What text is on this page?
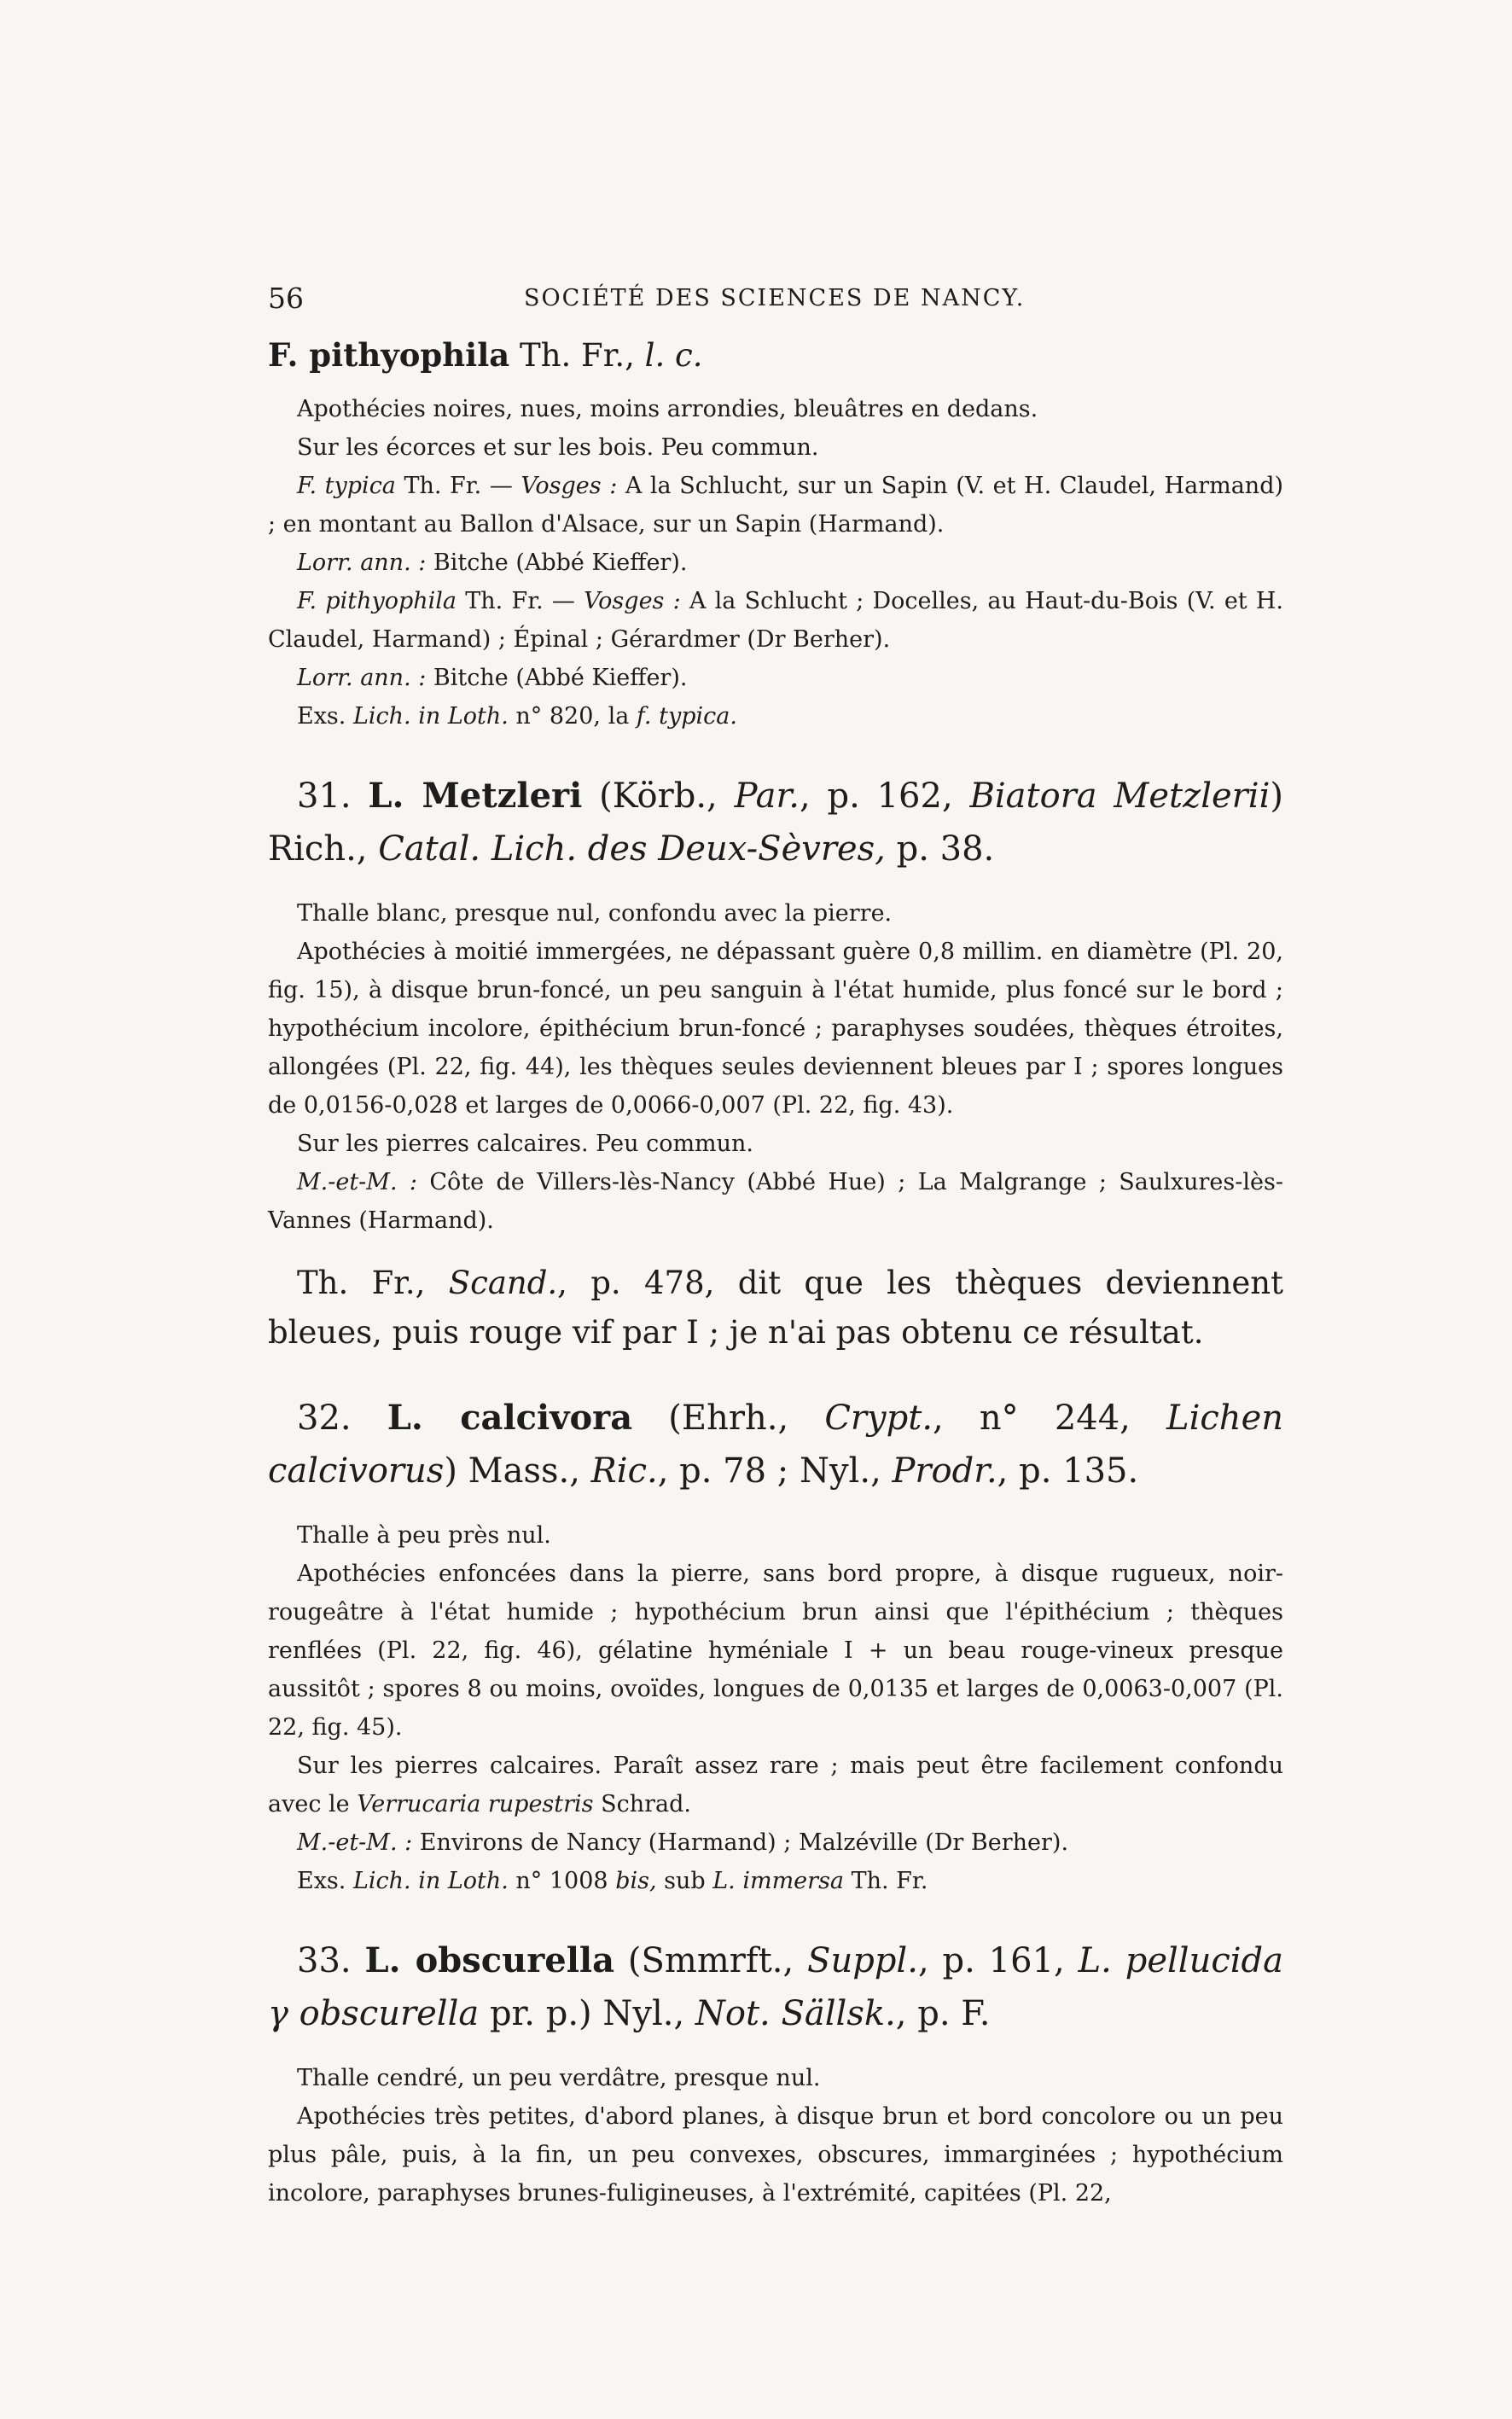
56	SOCIÉTÉ DES SCIENCES DE NANCY.

F. pithyophila Th. Fr., l. c.

Apothécies noires, nues, moins arrondies, bleuâtres en dedans.

Sur les écorces et sur les bois. Peu commun.

F. typica Th. Fr. — Vosges : A la Schlucht, sur un Sapin (V. et H. Claudel, Harmand) ; en montant au Ballon d'Alsace, sur un Sapin (Harmand).

Lorr. ann. : Bitche (Abbé Kieffer).

F. pithyophila Th. Fr. — Vosges : A la Schlucht ; Docelles, au Haut-du-Bois (V. et H. Claudel, Harmand) ; Épinal ; Gérardmer (Dr Berher).

Lorr. ann. : Bitche (Abbé Kieffer).

Exs. Lich. in Loth. n° 820, la f. typica.

31. L. Metzleri (Körb., Par., p. 162, Biatora Metzlerii) Rich., Catal. Lich. des Deux-Sèvres, p. 38.

Thalle blanc, presque nul, confondu avec la pierre.

Apothécies à moitié immergées, ne dépassant guère 0,8 millim. en diamètre (Pl. 20, fig. 15), à disque brun-foncé, un peu sanguin à l'état humide, plus foncé sur le bord ; hypothécium incolore, épithécium brun-foncé ; paraphyses soudées, thèques étroites, allongées (Pl. 22, fig. 44), les thèques seules deviennent bleues par I ; spores longues de 0,0156-0,028 et larges de 0,0066-0,007 (Pl. 22, fig. 43).

Sur les pierres calcaires. Peu commun.

M.-et-M. : Côte de Villers-lès-Nancy (Abbé Hue) ; La Malgrange ; Saulxures-lès-Vannes (Harmand).

Th. Fr., Scand., p. 478, dit que les thèques deviennent bleues, puis rouge vif par I ; je n'ai pas obtenu ce résultat.

32. L. calcivora (Ehrh., Crypt., n° 244, Lichen calcivorus) Mass., Ric., p. 78 ; Nyl., Prodr., p. 135.

Thalle à peu près nul.

Apothécies enfoncées dans la pierre, sans bord propre, à disque rugueux, noir-rougeâtre à l'état humide ; hypothécium brun ainsi que l'épithécium ; thèques renflées (Pl. 22, fig. 46), gélatine hyméniale I + un beau rouge-vineux presque aussitôt ; spores 8 ou moins, ovoïdes, longues de 0,0135 et larges de 0,0063-0,007 (Pl. 22, fig. 45).

Sur les pierres calcaires. Paraît assez rare ; mais peut être facilement confondu avec le Verrucaria rupestris Schrad.

M.-et-M. : Environs de Nancy (Harmand) ; Malzéville (Dr Berher).

Exs. Lich. in Loth. n° 1008 bis, sub L. immersa Th. Fr.

33. L. obscurella (Smmrft., Suppl., p. 161, L. pellucida γ obscurella pr. p.) Nyl., Not. Sällsk., p. F.

Thalle cendré, un peu verdâtre, presque nul.

Apothécies très petites, d'abord planes, à disque brun et bord concolore ou un peu plus pâle, puis, à la fin, un peu convexes, obscures, immarginées ; hypothécium incolore, paraphyses brunes-fuligineuses, à l'extrémité, capitées (Pl. 22,
